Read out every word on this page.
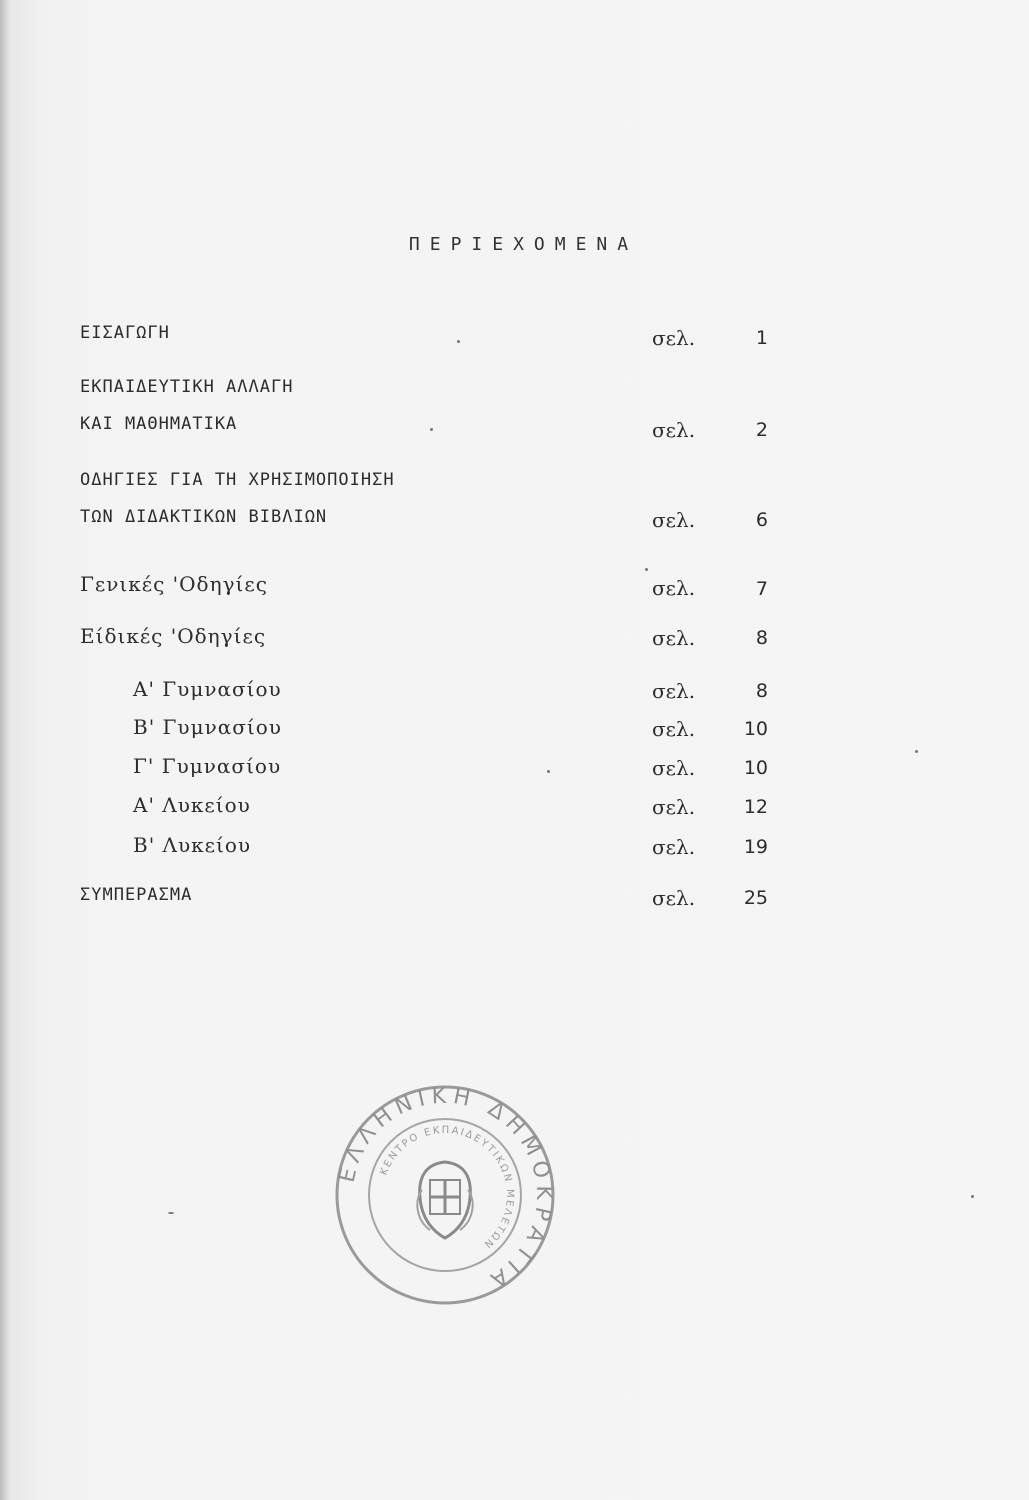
ΠΕΡΙΕΧΟΜΕΝΑ
ΕΙΣΑΓΩΓΗ	σελ.	1
ΕΚΠΑΙΔΕΥΤΙΚΗ ΑΛΛΑΓΗ
ΚΑΙ ΜΑΘΗΜΑΤΙΚΑ	σελ.	2
ΟΔΗΓΙΕΣ ΓΙΑ ΤΗ ΧΡΗΣΙΜΟΠΟΙΗΣΗ
ΤΩΝ ΔΙΔΑΚΤΙΚΩΝ ΒΙΒΛΙΩΝ	σελ.	6
Γενικές 'Οδηγίες	σελ.	7
Είδικές 'Οδηγίες	σελ.	8
Α' Γυμνασίου	σελ.	8
Β' Γυμνασίου	σελ.	10
Γ' Γυμνασίου	σελ.	10
Α' Λυκείου	σελ.	12
Β' Λυκείου	σελ.	19
ΣΥΜΠΕΡΑΣΜΑ	σελ.	25
ΕΛΛΗΝΙΚΗ ΔΗΜΟΚΡΑΤΙΑ
ΚΕΝΤΡΟ ΕΚΠΑΙΔΕΥΤΙΚΩΝ ΜΕΛΕΤΩΝ
